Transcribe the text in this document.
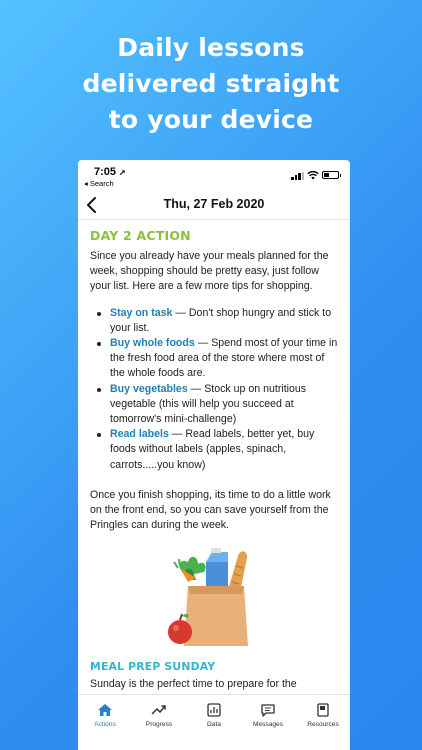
Daily lessons
delivered straight
to your device
7:05 ➚
◂ Search
Thu, 27 Feb 2020
DAY 2 ACTION

Since you already have your meals planned for the week, shopping should be pretty easy, just follow your list. Here are a few more tips for shopping.

Stay on task — Don't shop hungry and stick to your list.
Buy whole foods — Spend most of your time in the fresh food area of the store where most of the whole foods are.
Buy vegetables — Stock up on nutritious vegetable (this will help you succeed at tomorrow's mini-challenge)
Read labels — Read labels, better yet, buy foods without labels (apples, spinach, carrots.....you know)

Once you finish shopping, its time to do a little work on the front end, so you can save yourself from the Pringles can during the week.

MEAL PREP SUNDAY
Sunday is the perfect time to prepare for the
Actions	Progress	Data	Messages	Resources
